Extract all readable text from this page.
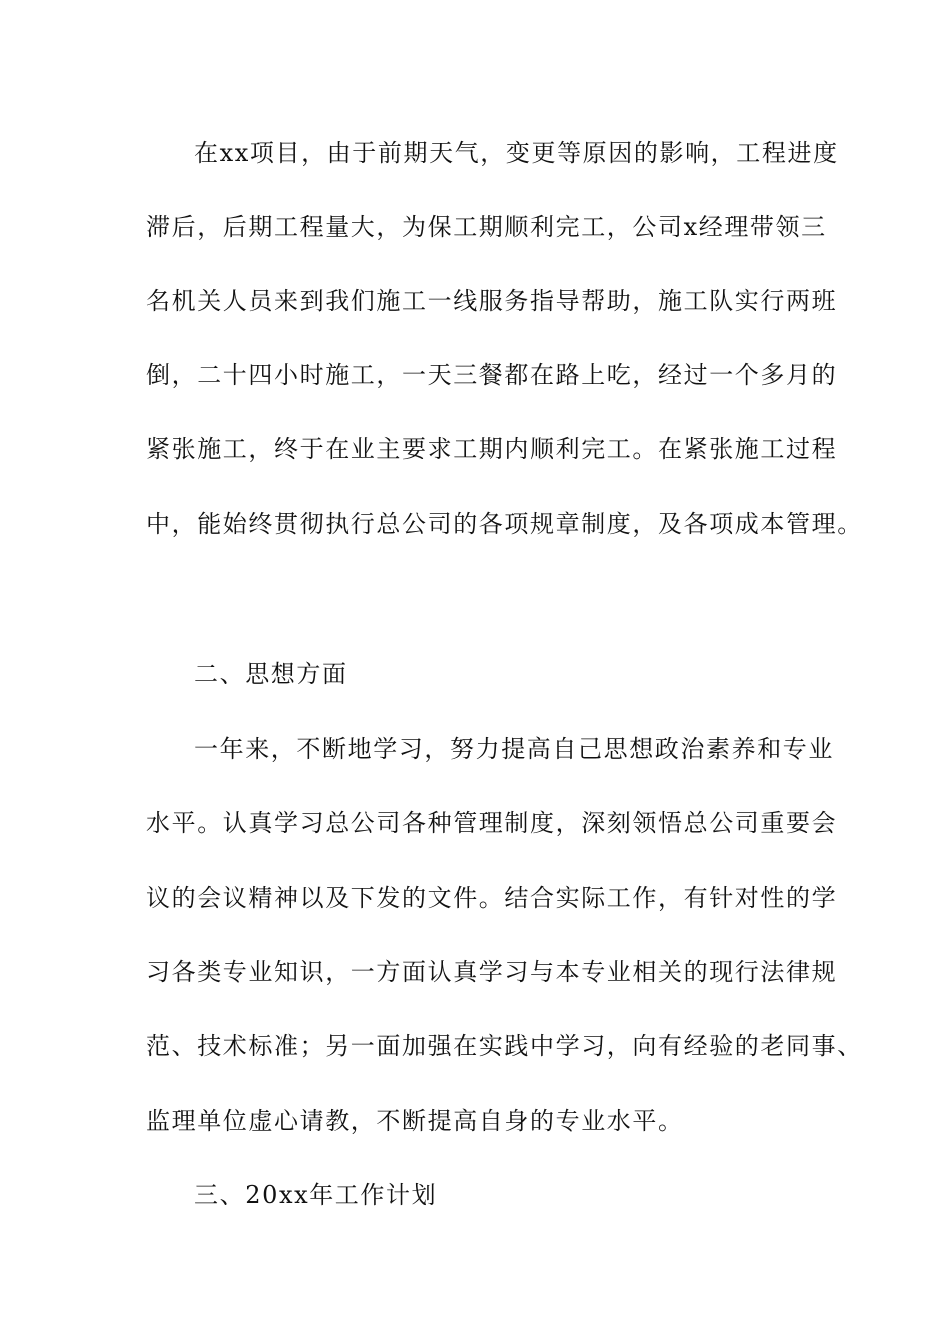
在xx项目，由于前期天气，变更等原因的影响，工程进度
滞后，后期工程量大，为保工期顺利完工，公司x经理带领三
名机关人员来到我们施工一线服务指导帮助，施工队实行两班
倒，二十四小时施工，一天三餐都在路上吃，经过一个多月的
紧张施工，终于在业主要求工期内顺利完工。在紧张施工过程
中，能始终贯彻执行总公司的各项规章制度，及各项成本管理。
二、思想方面
一年来，不断地学习，努力提高自己思想政治素养和专业
水平。认真学习总公司各种管理制度，深刻领悟总公司重要会
议的会议精神以及下发的文件。结合实际工作，有针对性的学
习各类专业知识，一方面认真学习与本专业相关的现行法律规
范、技术标准；另一面加强在实践中学习，向有经验的老同事、
监理单位虚心请教，不断提高自身的专业水平。
三、20xx年工作计划
